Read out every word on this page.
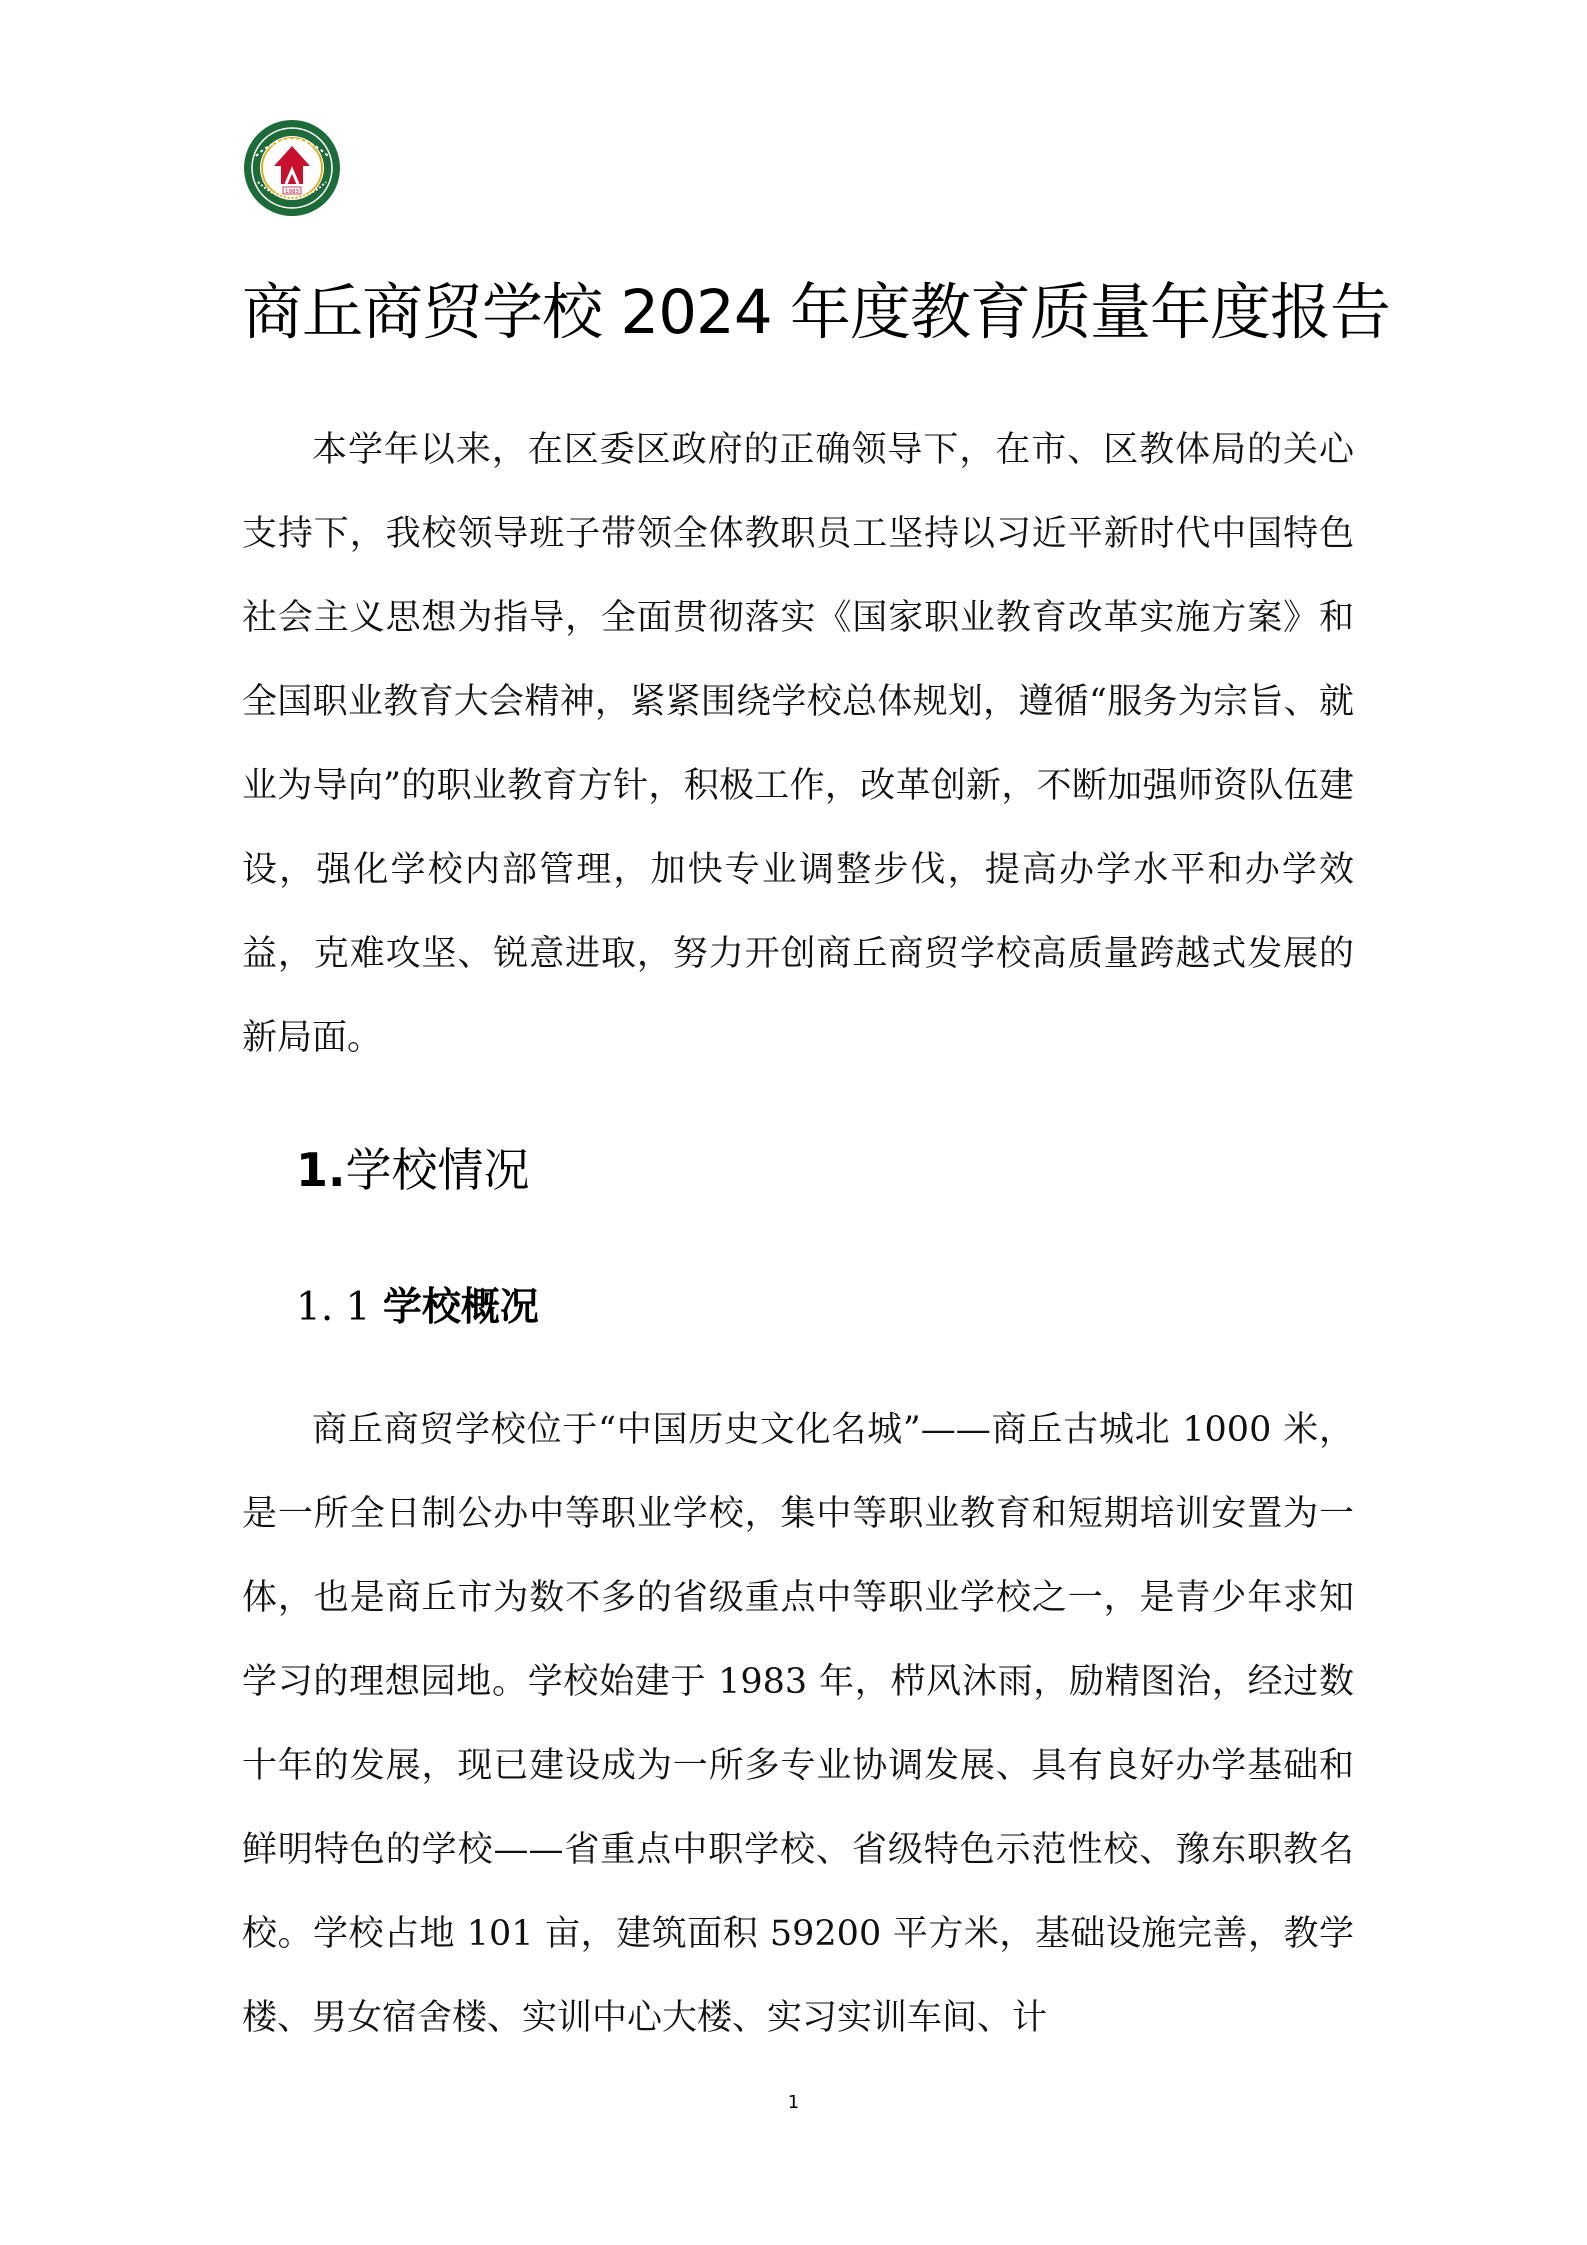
1983
商丘商贸学校 2024 年度教育质量年度报告

本学年以来，在区委区政府的正确领导下，在市、区教体局的关心支持下，我校领导班子带领全体教职员工坚持以习近平新时代中国特色社会主义思想为指导，全面贯彻落实《国家职业教育改革实施方案》和全国职业教育大会精神，紧紧围绕学校总体规划，遵循“服务为宗旨、就业为导向”的职业教育方针，积极工作，改革创新，不断加强师资队伍建设，强化学校内部管理，加快专业调整步伐，提高办学水平和办学效益，克难攻坚、锐意进取，努力开创商丘商贸学校高质量跨越式发展的新局面。

1.学校情况
1. 1 学校概况

商丘商贸学校位于“中国历史文化名城”——商丘古城北 1000 米，是一所全日制公办中等职业学校，集中等职业教育和短期培训安置为一体，也是商丘市为数不多的省级重点中等职业学校之一，是青少年求知学习的理想园地。学校始建于 1983 年，栉风沐雨，励精图治，经过数十年的发展，现已建设成为一所多专业协调发展、具有良好办学基础和鲜明特色的学校——省重点中职学校、省级特色示范性校、豫东职教名校。学校占地 101 亩，建筑面积 59200 平方米，基础设施完善，教学楼、男女宿舍楼、实训中心大楼、实习实训车间、计

1
